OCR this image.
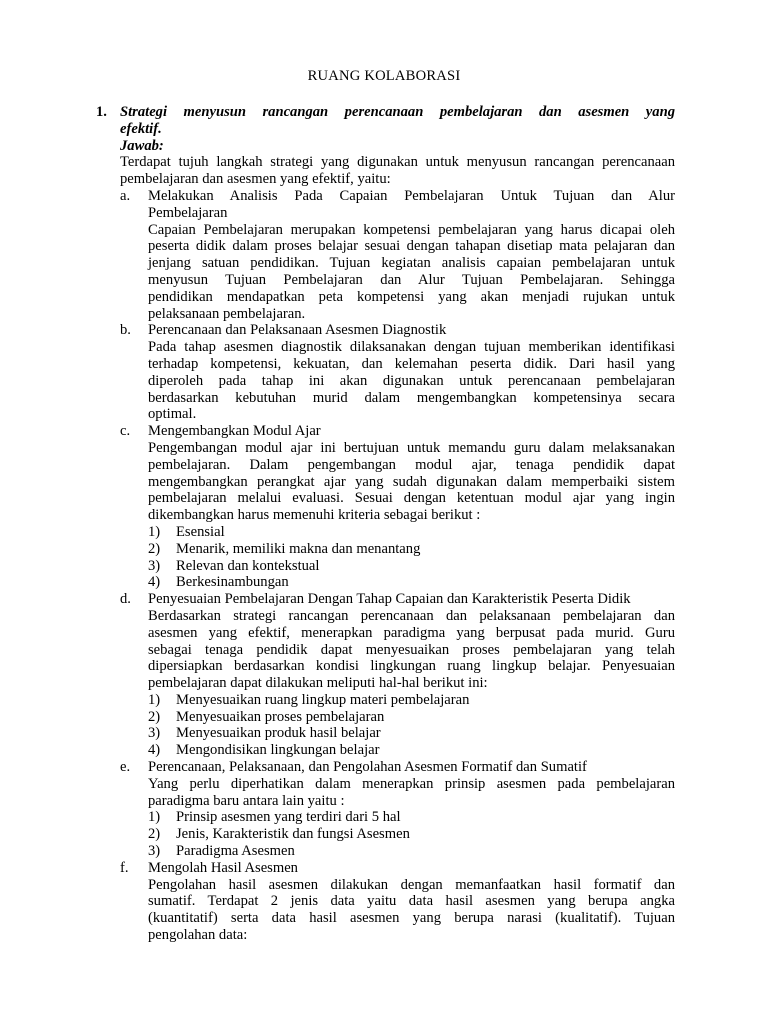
RUANG KOLABORASI
1. Strategi menyusun rancangan perencanaan pembelajaran dan asesmen yang
efektif.
Jawab:
Terdapat tujuh langkah strategi yang digunakan untuk menyusun rancangan perencanaan
pembelajaran dan asesmen yang efektif, yaitu:
a. Melakukan Analisis Pada Capaian Pembelajaran Untuk Tujuan dan Alur
Pembelajaran
Capaian Pembelajaran merupakan kompetensi pembelajaran yang harus dicapai oleh
peserta didik dalam proses belajar sesuai dengan tahapan disetiap mata pelajaran dan
jenjang satuan pendidikan. Tujuan kegiatan analisis capaian pembelajaran untuk
menyusun Tujuan Pembelajaran dan Alur Tujuan Pembelajaran. Sehingga
pendidikan mendapatkan peta kompetensi yang akan menjadi rujukan untuk
pelaksanaan pembelajaran.
b. Perencanaan dan Pelaksanaan Asesmen Diagnostik
Pada tahap asesmen diagnostik dilaksanakan dengan tujuan memberikan identifikasi
terhadap kompetensi, kekuatan, dan kelemahan peserta didik. Dari hasil yang
diperoleh pada tahap ini akan digunakan untuk perencanaan pembelajaran
berdasarkan kebutuhan murid dalam mengembangkan kompetensinya secara
optimal.
c. Mengembangkan Modul Ajar
Pengembangan modul ajar ini bertujuan untuk memandu guru dalam melaksanakan
pembelajaran. Dalam pengembangan modul ajar, tenaga pendidik dapat
mengembangkan perangkat ajar yang sudah digunakan dalam memperbaiki sistem
pembelajaran melalui evaluasi. Sesuai dengan ketentuan modul ajar yang ingin
dikembangkan harus memenuhi kriteria sebagai berikut :
1) Esensial
2) Menarik, memiliki makna dan menantang
3) Relevan dan kontekstual
4) Berkesinambungan
d. Penyesuaian Pembelajaran Dengan Tahap Capaian dan Karakteristik Peserta Didik
Berdasarkan strategi rancangan perencanaan dan pelaksanaan pembelajaran dan
asesmen yang efektif, menerapkan paradigma yang berpusat pada murid. Guru
sebagai tenaga pendidik dapat menyesuaikan proses pembelajaran yang telah
dipersiapkan berdasarkan kondisi lingkungan ruang lingkup belajar. Penyesuaian
pembelajaran dapat dilakukan meliputi hal-hal berikut ini:
1) Menyesuaikan ruang lingkup materi pembelajaran
2) Menyesuaikan proses pembelajaran
3) Menyesuaikan produk hasil belajar
4) Mengondisikan lingkungan belajar
e. Perencanaan, Pelaksanaan, dan Pengolahan Asesmen Formatif dan Sumatif
Yang perlu diperhatikan dalam menerapkan prinsip asesmen pada pembelajaran
paradigma baru antara lain yaitu :
1) Prinsip asesmen yang terdiri dari 5 hal
2) Jenis, Karakteristik dan fungsi Asesmen
3) Paradigma Asesmen
f. Mengolah Hasil Asesmen
Pengolahan hasil asesmen dilakukan dengan memanfaatkan hasil formatif dan
sumatif. Terdapat 2 jenis data yaitu data hasil asesmen yang berupa angka
(kuantitatif) serta data hasil asesmen yang berupa narasi (kualitatif). Tujuan
pengolahan data:
